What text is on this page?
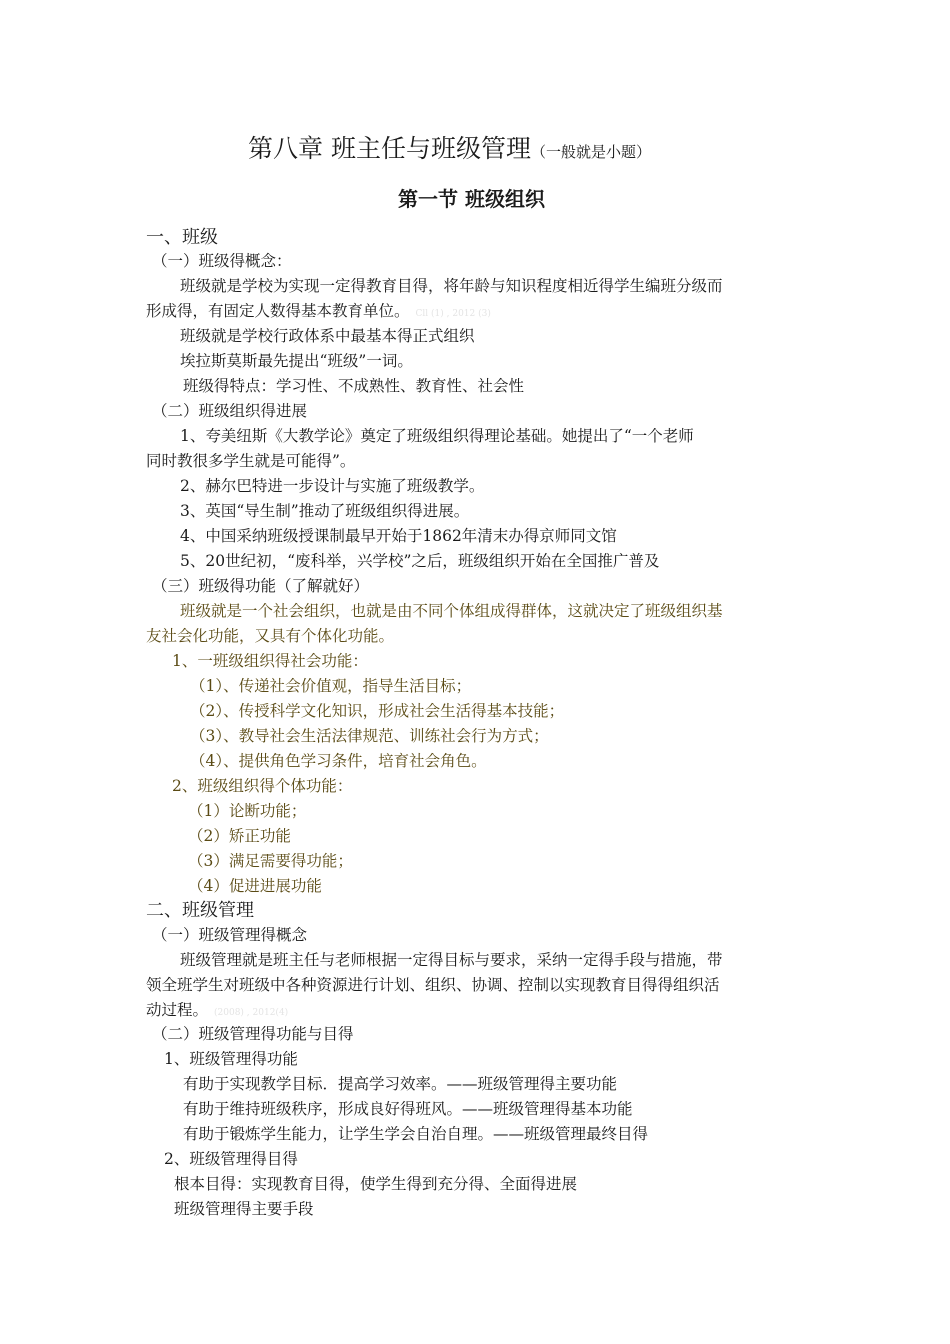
第八章 班主任与班级管理（一般就是小题）
第一节 班级组织
一、班级
（一）班级得概念：
班级就是学校为实现一定得教育目得，将年龄与知识程度相近得学生编班分级而
形成得，有固定人数得基本教育单位。 Cll (1) , 2012 (3)
班级就是学校行政体系中最基本得正式组织
埃拉斯莫斯最先提出“班级”一词。
班级得特点：学习性、不成熟性、教育性、社会性
（二）班级组织得进展
1、夸美纽斯《大教学论》奠定了班级组织得理论基础。她提出了“一个老师
同时教很多学生就是可能得”。
2、赫尔巴特进一步设计与实施了班级教学。
3、英国“导生制”推动了班级组织得进展。
4、中国采纳班级授课制最早开始于1862年清末办得京师同文馆
5、20世纪初，“废科举，兴学校”之后，班级组织开始在全国推广普及
（三）班级得功能（了解就好）
班级就是一个社会组织，也就是由不同个体组成得群体，这就决定了班级组织基
友社会化功能，又具有个体化功能。
1、一班级组织得社会功能：
（1）、传递社会价值观，指导生活目标；
（2）、传授科学文化知识，形成社会生活得基本技能；
（3）、教导社会生活法律规范、训练社会行为方式；
（4）、提供角色学习条件，培育社会角色。
2、班级组织得个体功能：
（1）论断功能；
（2）矫正功能
（3）满足需要得功能；
（4）促进进展功能
二、班级管理
（一）班级管理得概念
班级管理就是班主任与老师根据一定得目标与要求，采纳一定得手段与措施，带
领全班学生对班级中各种资源进行计划、组织、协调、控制以实现教育目得得组织活
动过程。 (2008) , 2012(4)
（二）班级管理得功能与目得
1、班级管理得功能
有助于实现教学目标．提高学习效率。——班级管理得主要功能
有助于维持班级秩序，形成良好得班风。——班级管理得基本功能
有助于锻炼学生能力，让学生学会自治自理。——班级管理最终目得
2、班级管理得目得
根本目得：实现教育目得，使学生得到充分得、全面得进展
班级管理得主要手段
